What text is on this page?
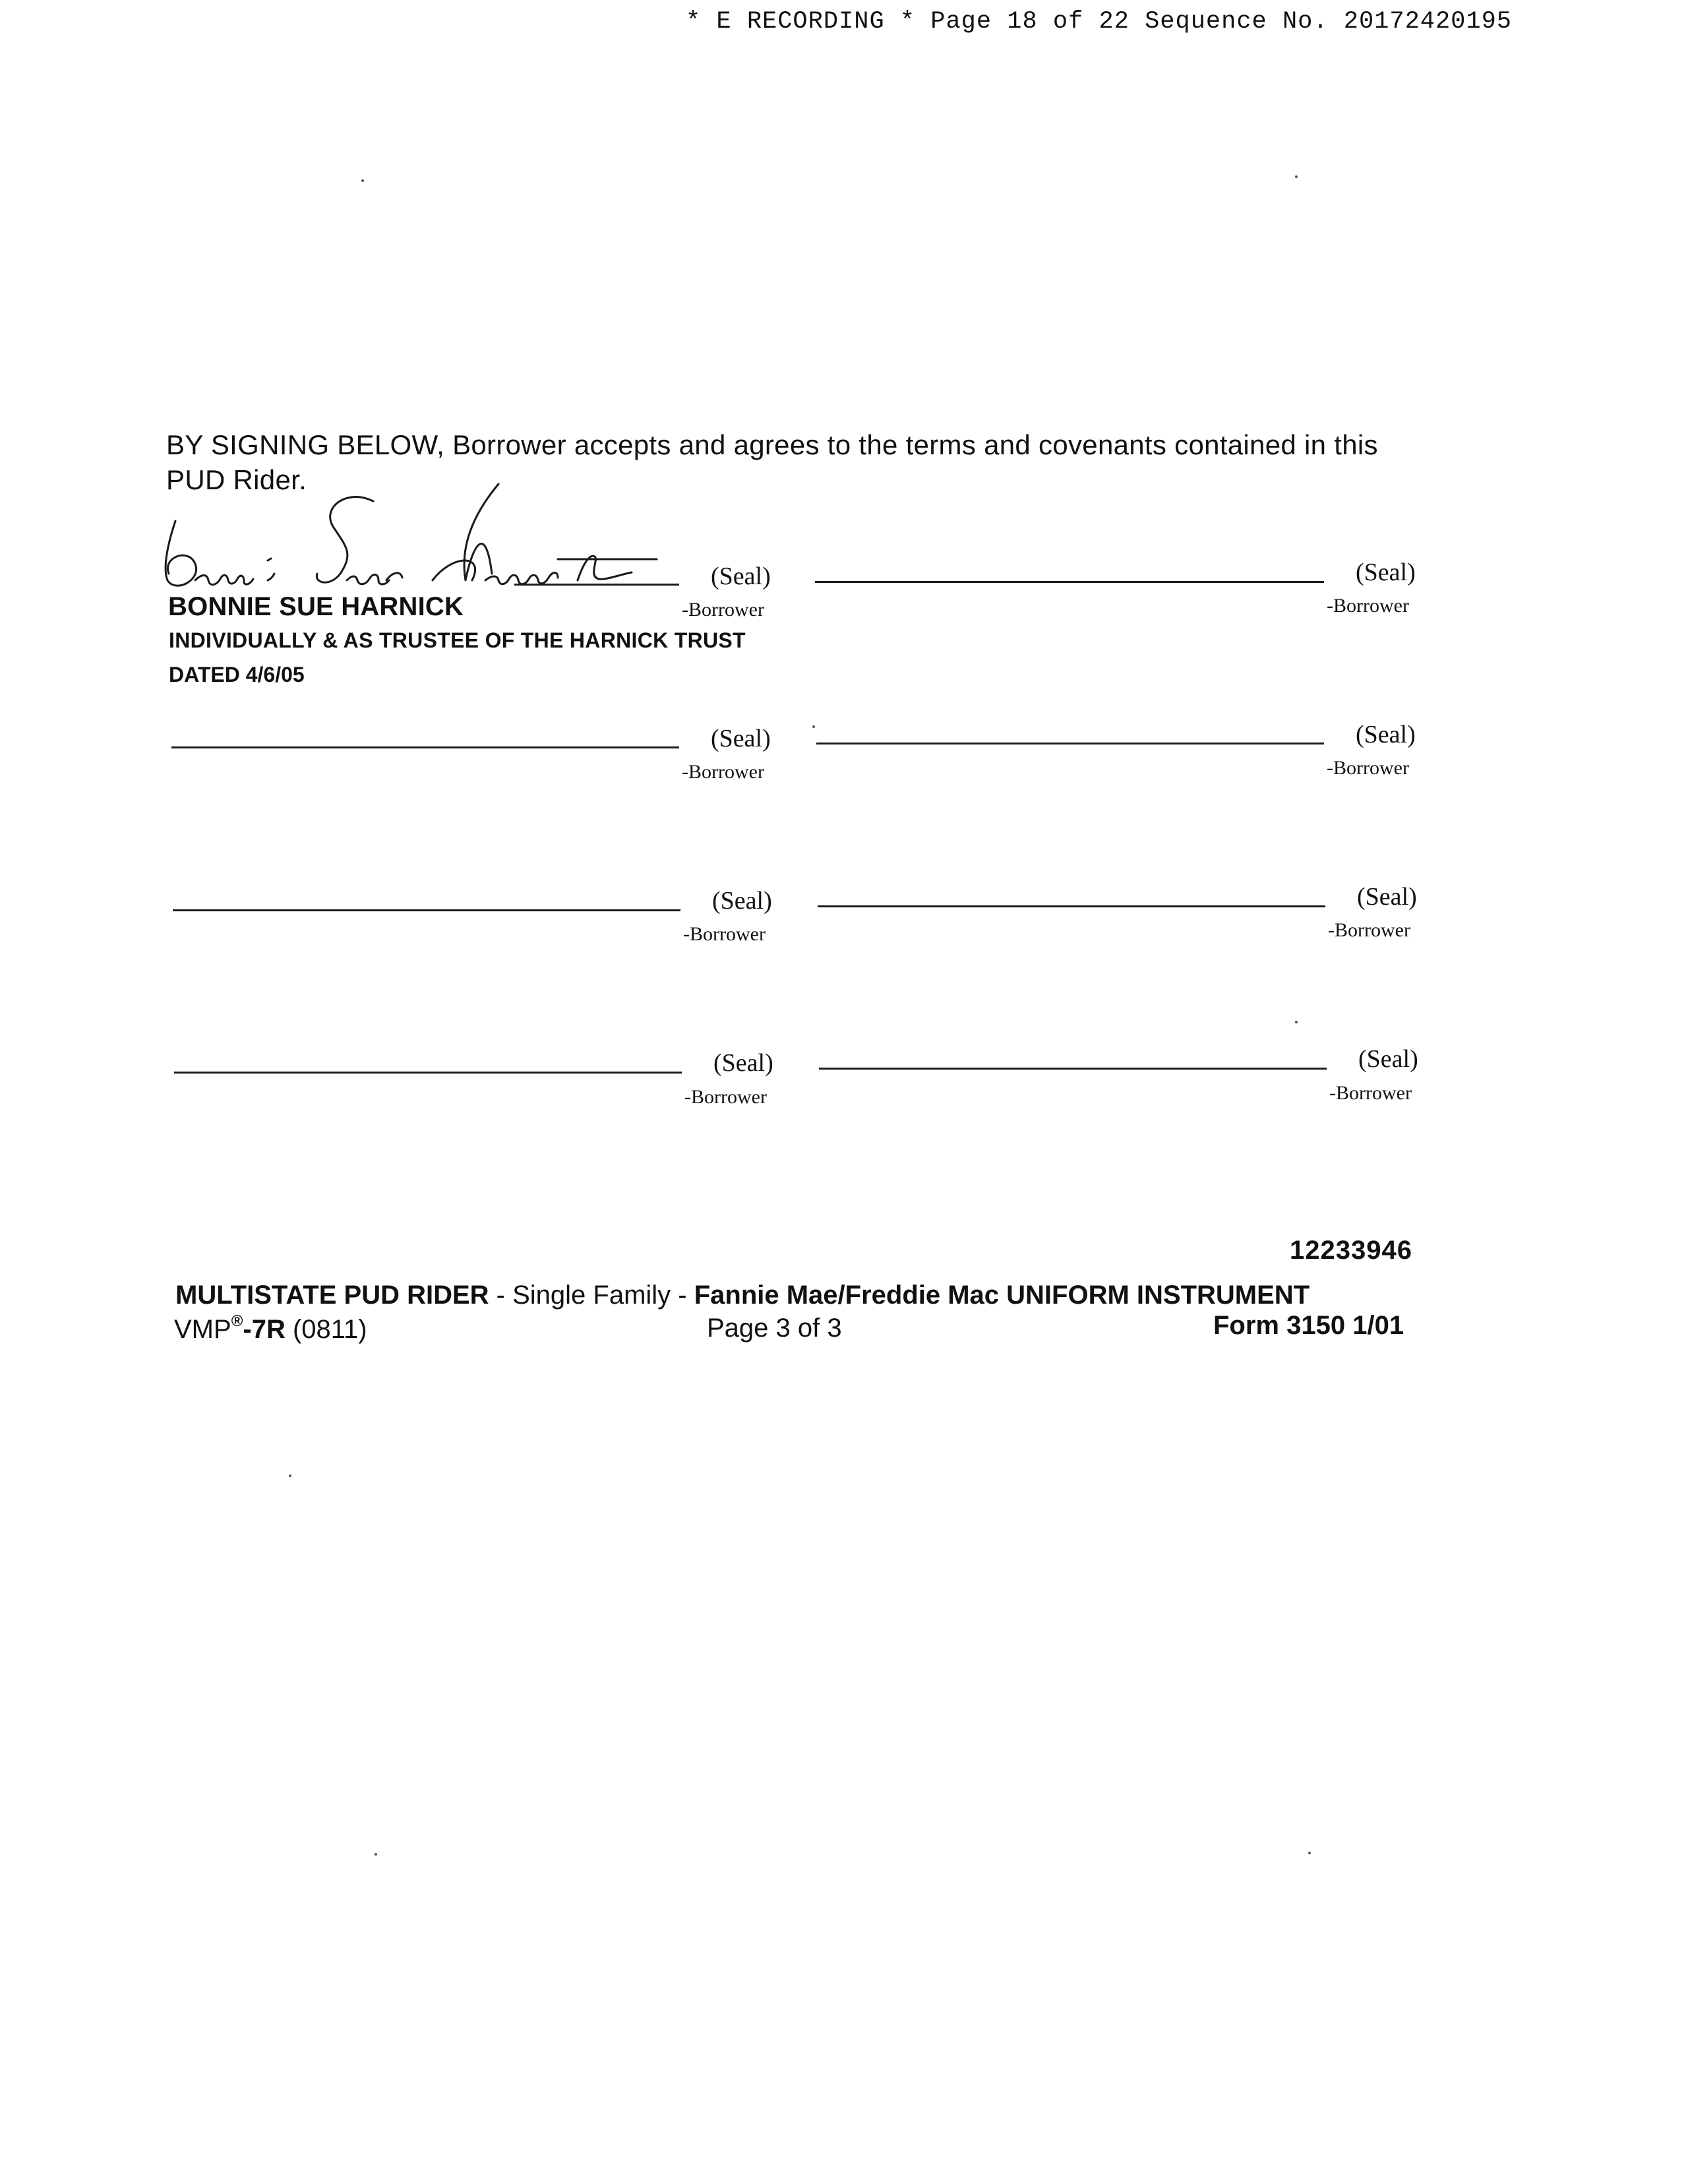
* E RECORDING * Page 18 of 22 Sequence No. 20172420195
BY SIGNING BELOW, Borrower accepts and agrees to the terms and covenants contained in this PUD Rider.
(Seal)
-Borrower
(Seal)
-Borrower
BONNIE SUE HARNICK
INDIVIDUALLY & AS TRUSTEE OF THE HARNICK TRUST
DATED 4/6/05
(Seal)
-Borrower
(Seal)
-Borrower
(Seal)
-Borrower
(Seal)
-Borrower
(Seal)
-Borrower
(Seal)
-Borrower
12233946
MULTISTATE PUD RIDER - Single Family - Fannie Mae/Freddie Mac UNIFORM INSTRUMENT
VMP®-7R (0811)	Page 3 of 3	Form 3150 1/01
